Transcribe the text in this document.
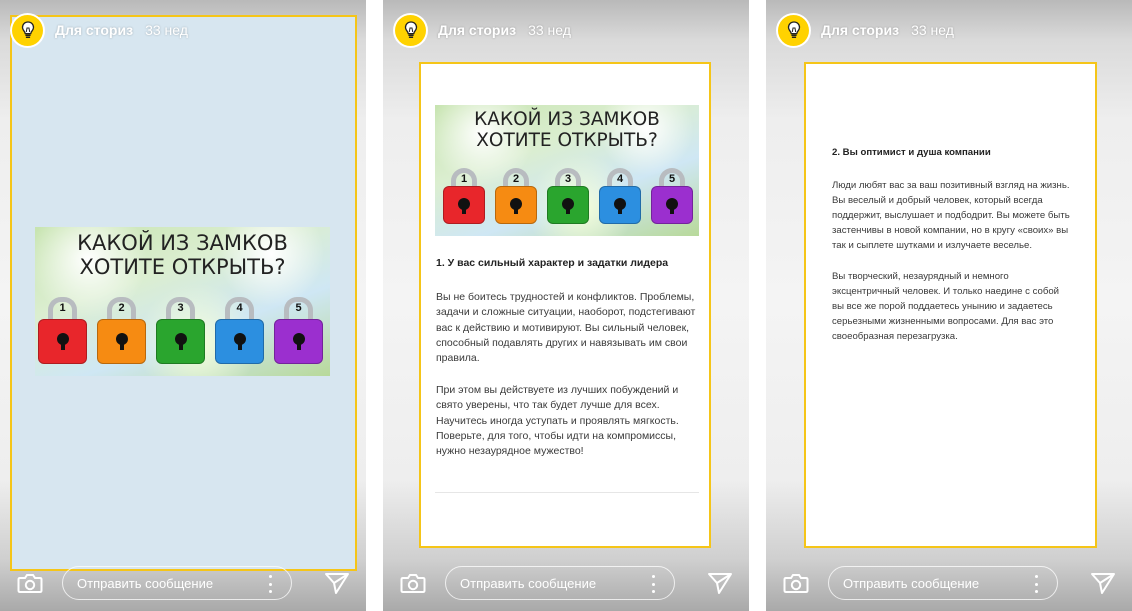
Для сториз 33 нед
КАКОЙ ИЗ ЗАМКОВ
ХОТИТЕ ОТКРЫТЬ?
1	2	3	4	5
Отправить сообщение
Для сториз 33 нед
КАКОЙ ИЗ ЗАМКОВ
ХОТИТЕ ОТКРЫТЬ?
1	2	3	4	5
1. У вас сильный характер и задатки лидера
Вы не боитесь трудностей и конфликтов. Проблемы, задачи и сложные ситуации, наоборот, подстегивают вас к действию и мотивируют. Вы сильный человек, способный подавлять других и навязывать им свои правила.
При этом вы действуете из лучших побуждений и свято уверены, что так будет лучше для всех. Научитесь иногда уступать и проявлять мягкость. Поверьте, для того, чтобы идти на компромиссы, нужно незаурядное мужество!
Отправить сообщение
Для сториз 33 нед
2. Вы оптимист и душа компании
Люди любят вас за ваш позитивный взгляд на жизнь. Вы веселый и добрый человек, который всегда поддержит, выслушает и подбодрит. Вы можете быть застенчивы в новой компании, но в кругу «своих» вы так и сыплете шутками и излучаете веселье.
Вы творческий, незаурядный и немного эксцентричный человек. И только наедине с собой вы все же порой поддаетесь унынию и задаетесь серьезными жизненными вопросами. Для вас это своеобразная перезагрузка.
Отправить сообщение
